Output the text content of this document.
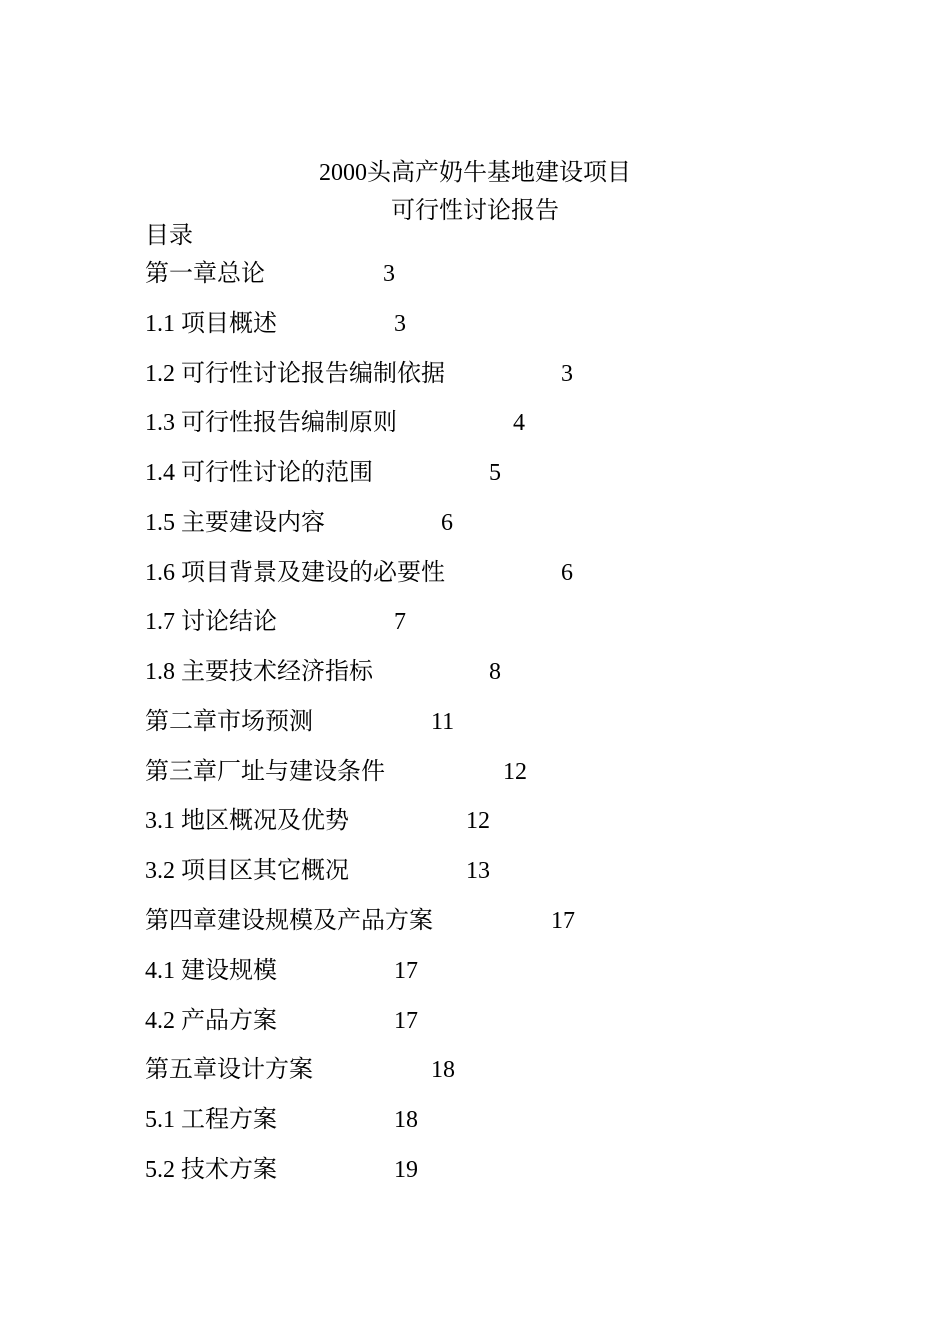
2000头高产奶牛基地建设项目
可行性讨论报告
目录
第一章总论	3
1.1 项目概述	3
1.2 可行性讨论报告编制依据	3
1.3 可行性报告编制原则	4
1.4 可行性讨论的范围	5
1.5 主要建设内容	6
1.6 项目背景及建设的必要性	6
1.7 讨论结论	7
1.8 主要技术经济指标	8
第二章市场预测	11
第三章厂址与建设条件	12
3.1 地区概况及优势	12
3.2 项目区其它概况	13
第四章建设规模及产品方案	17
4.1 建设规模	17
4.2 产品方案	17
第五章设计方案	18
5.1 工程方案	18
5.2 技术方案	19
